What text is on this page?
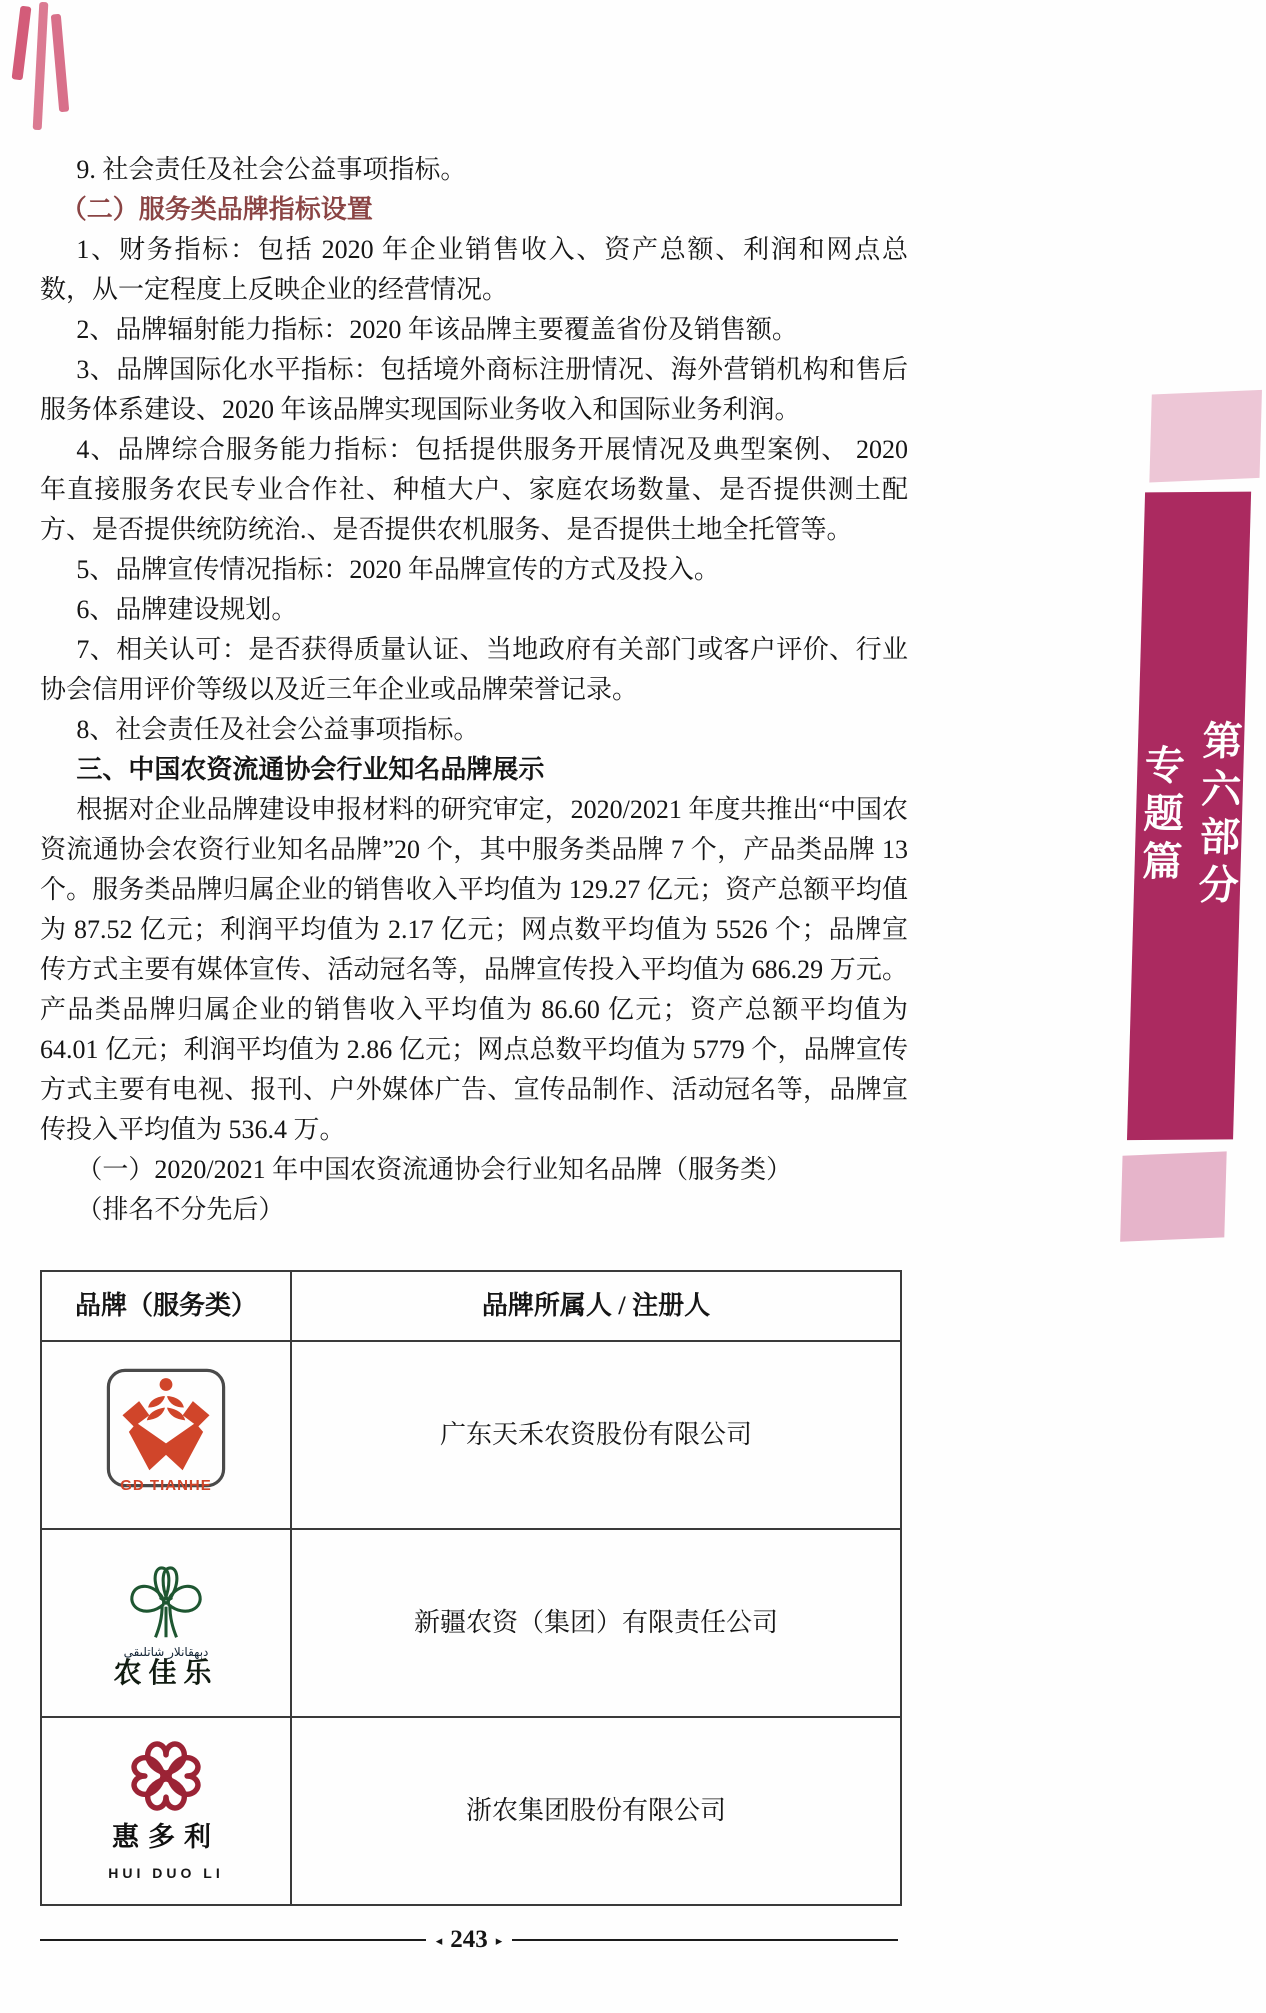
9. 社会责任及社会公益事项指标。

（二）服务类品牌指标设置

1、财务指标：包括 2020 年企业销售收入、资产总额、利润和网点总数，从一定程度上反映企业的经营情况。

2、品牌辐射能力指标：2020 年该品牌主要覆盖省份及销售额。

3、品牌国际化水平指标：包括境外商标注册情况、海外营销机构和售后服务体系建设、2020 年该品牌实现国际业务收入和国际业务利润。

4、品牌综合服务能力指标：包括提供服务开展情况及典型案例、 2020 年直接服务农民专业合作社、种植大户、家庭农场数量、是否提供测土配方、是否提供统防统治.、是否提供农机服务、是否提供土地全托管等。

5、品牌宣传情况指标：2020 年品牌宣传的方式及投入。

6、品牌建设规划。

7、相关认可：是否获得质量认证、当地政府有关部门或客户评价、行业协会信用评价等级以及近三年企业或品牌荣誉记录。

8、社会责任及社会公益事项指标。

三、中国农资流通协会行业知名品牌展示

根据对企业品牌建设申报材料的研究审定，2020/2021 年度共推出“中国农资流通协会农资行业知名品牌”20 个，其中服务类品牌 7 个，产品类品牌 13 个。服务类品牌归属企业的销售收入平均值为 129.27 亿元；资产总额平均值为 87.52 亿元；利润平均值为 2.17 亿元；网点数平均值为 5526 个；品牌宣传方式主要有媒体宣传、活动冠名等，品牌宣传投入平均值为 686.29 万元。产品类品牌归属企业的销售收入平均值为 86.60 亿元；资产总额平均值为 64.01 亿元；利润平均值为 2.86 亿元；网点总数平均值为 5779 个，品牌宣传方式主要有电视、报刊、户外媒体广告、宣传品制作、活动冠名等，品牌宣传投入平均值为 536.4 万。

（一）2020/2021 年中国农资流通协会行业知名品牌（服务类）

（排名不分先后）

品牌（服务类）	品牌所属人 / 注册人

GD TIANHE	广东天禾农资股份有限公司

دېھقانلار شاتلىقى
农佳乐	新疆农资（集团）有限责任公司

惠多利
HUI DUO LI	浙农集团股份有限公司
第六部分
专题篇
◂ 243 ▸
